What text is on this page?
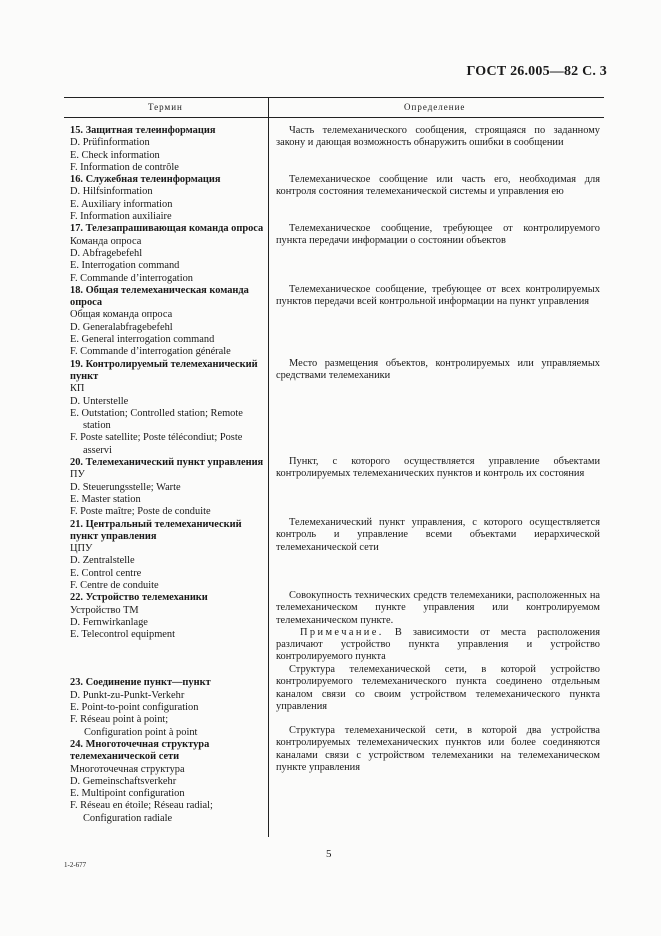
ГОСТ 26.005—82 С. 3
Термин	Определение
15. Защитная телеинформация
D. Prüfinformation
E. Check information
F. Information de contrôle
16. Служебная телеинформация
D. Hilfsinformation
E. Auxiliary information
F. Information auxiliaire
17. Телезапрашивающая команда опроса
Команда опроса
D. Abfragebefehl
E. Interrogation command
F. Commande d’interrogation
18. Общая телемеханическая команда опроса
Общая команда опроса
D. Generalabfragebefehl
E. General interrogation command
F. Commande d’interrogation générale
19. Контролируемый телемеханический пункт
КП
D. Unterstelle
E. Outstation; Controlled station; Remote station
F. Poste satellite; Poste télécondiut; Poste asservi
20. Телемеханический пункт управления
ПУ
D. Steuerungsstelle; Warte
E. Master station
F. Poste maître; Poste de conduite
21. Центральный телемеханический пункт управления
ЦПУ
D. Zentralstelle
E. Control centre
F. Centre de conduite
22. Устройство телемеханики
Устройство ТМ
D. Fernwirkanlage
E. Telecontrol equipment
23. Соединение пункт—пункт
D. Punkt-zu-Punkt-Verkehr
E. Point-to-point configuration
F. Réseau point à point;
Configuration point à point
24. Многоточечная структура телемеханической сети
Многоточечная структура
D. Gemeinschaftsverkehr
E. Multipoint configuration
F. Réseau en étoile; Réseau radial; Configuration radiale

Часть телемеханического сообщения, строящаяся по заданному закону и дающая возможность обнаружить ошибки в сообщении

Телемеханическое сообщение или часть его, необходимая для контроля состояния телемеханической системы и управления ею

Телемеханическое сообщение, требующее от контролируемого пункта передачи информации о состоянии объектов

Телемеханическое сообщение, требующее от всех контролируемых пунктов передачи всей контрольной информации на пункт управления

Место размещения объектов, контролируемых или управляемых средствами телемеханики

Пункт, с которого осуществляется управление объектами контролируемых телемеханических пунктов и контроль их состояния

Телемеханический пункт управления, с которого осуществляется контроль и управление всеми объектами иерархической телемеханической сети

Совокупность технических средств телемеханики, расположенных на телемеханическом пункте управления или контролируемом телемеханическом пункте.

Примечание. В зависимости от места расположения различают устройство пункта управления и устройство контролируемого пункта

Структура телемеханической сети, в которой устройство контролируемого телемеханического пункта соединено отдельным каналом связи со своим устройством телемеханического пункта управления

Структура телемеханической сети, в которой два устройства контролируемых телемеханических пунктов или более соединяются каналами связи с устройством телемеханики на телемеханическом пункте управления

1-2-677
5
